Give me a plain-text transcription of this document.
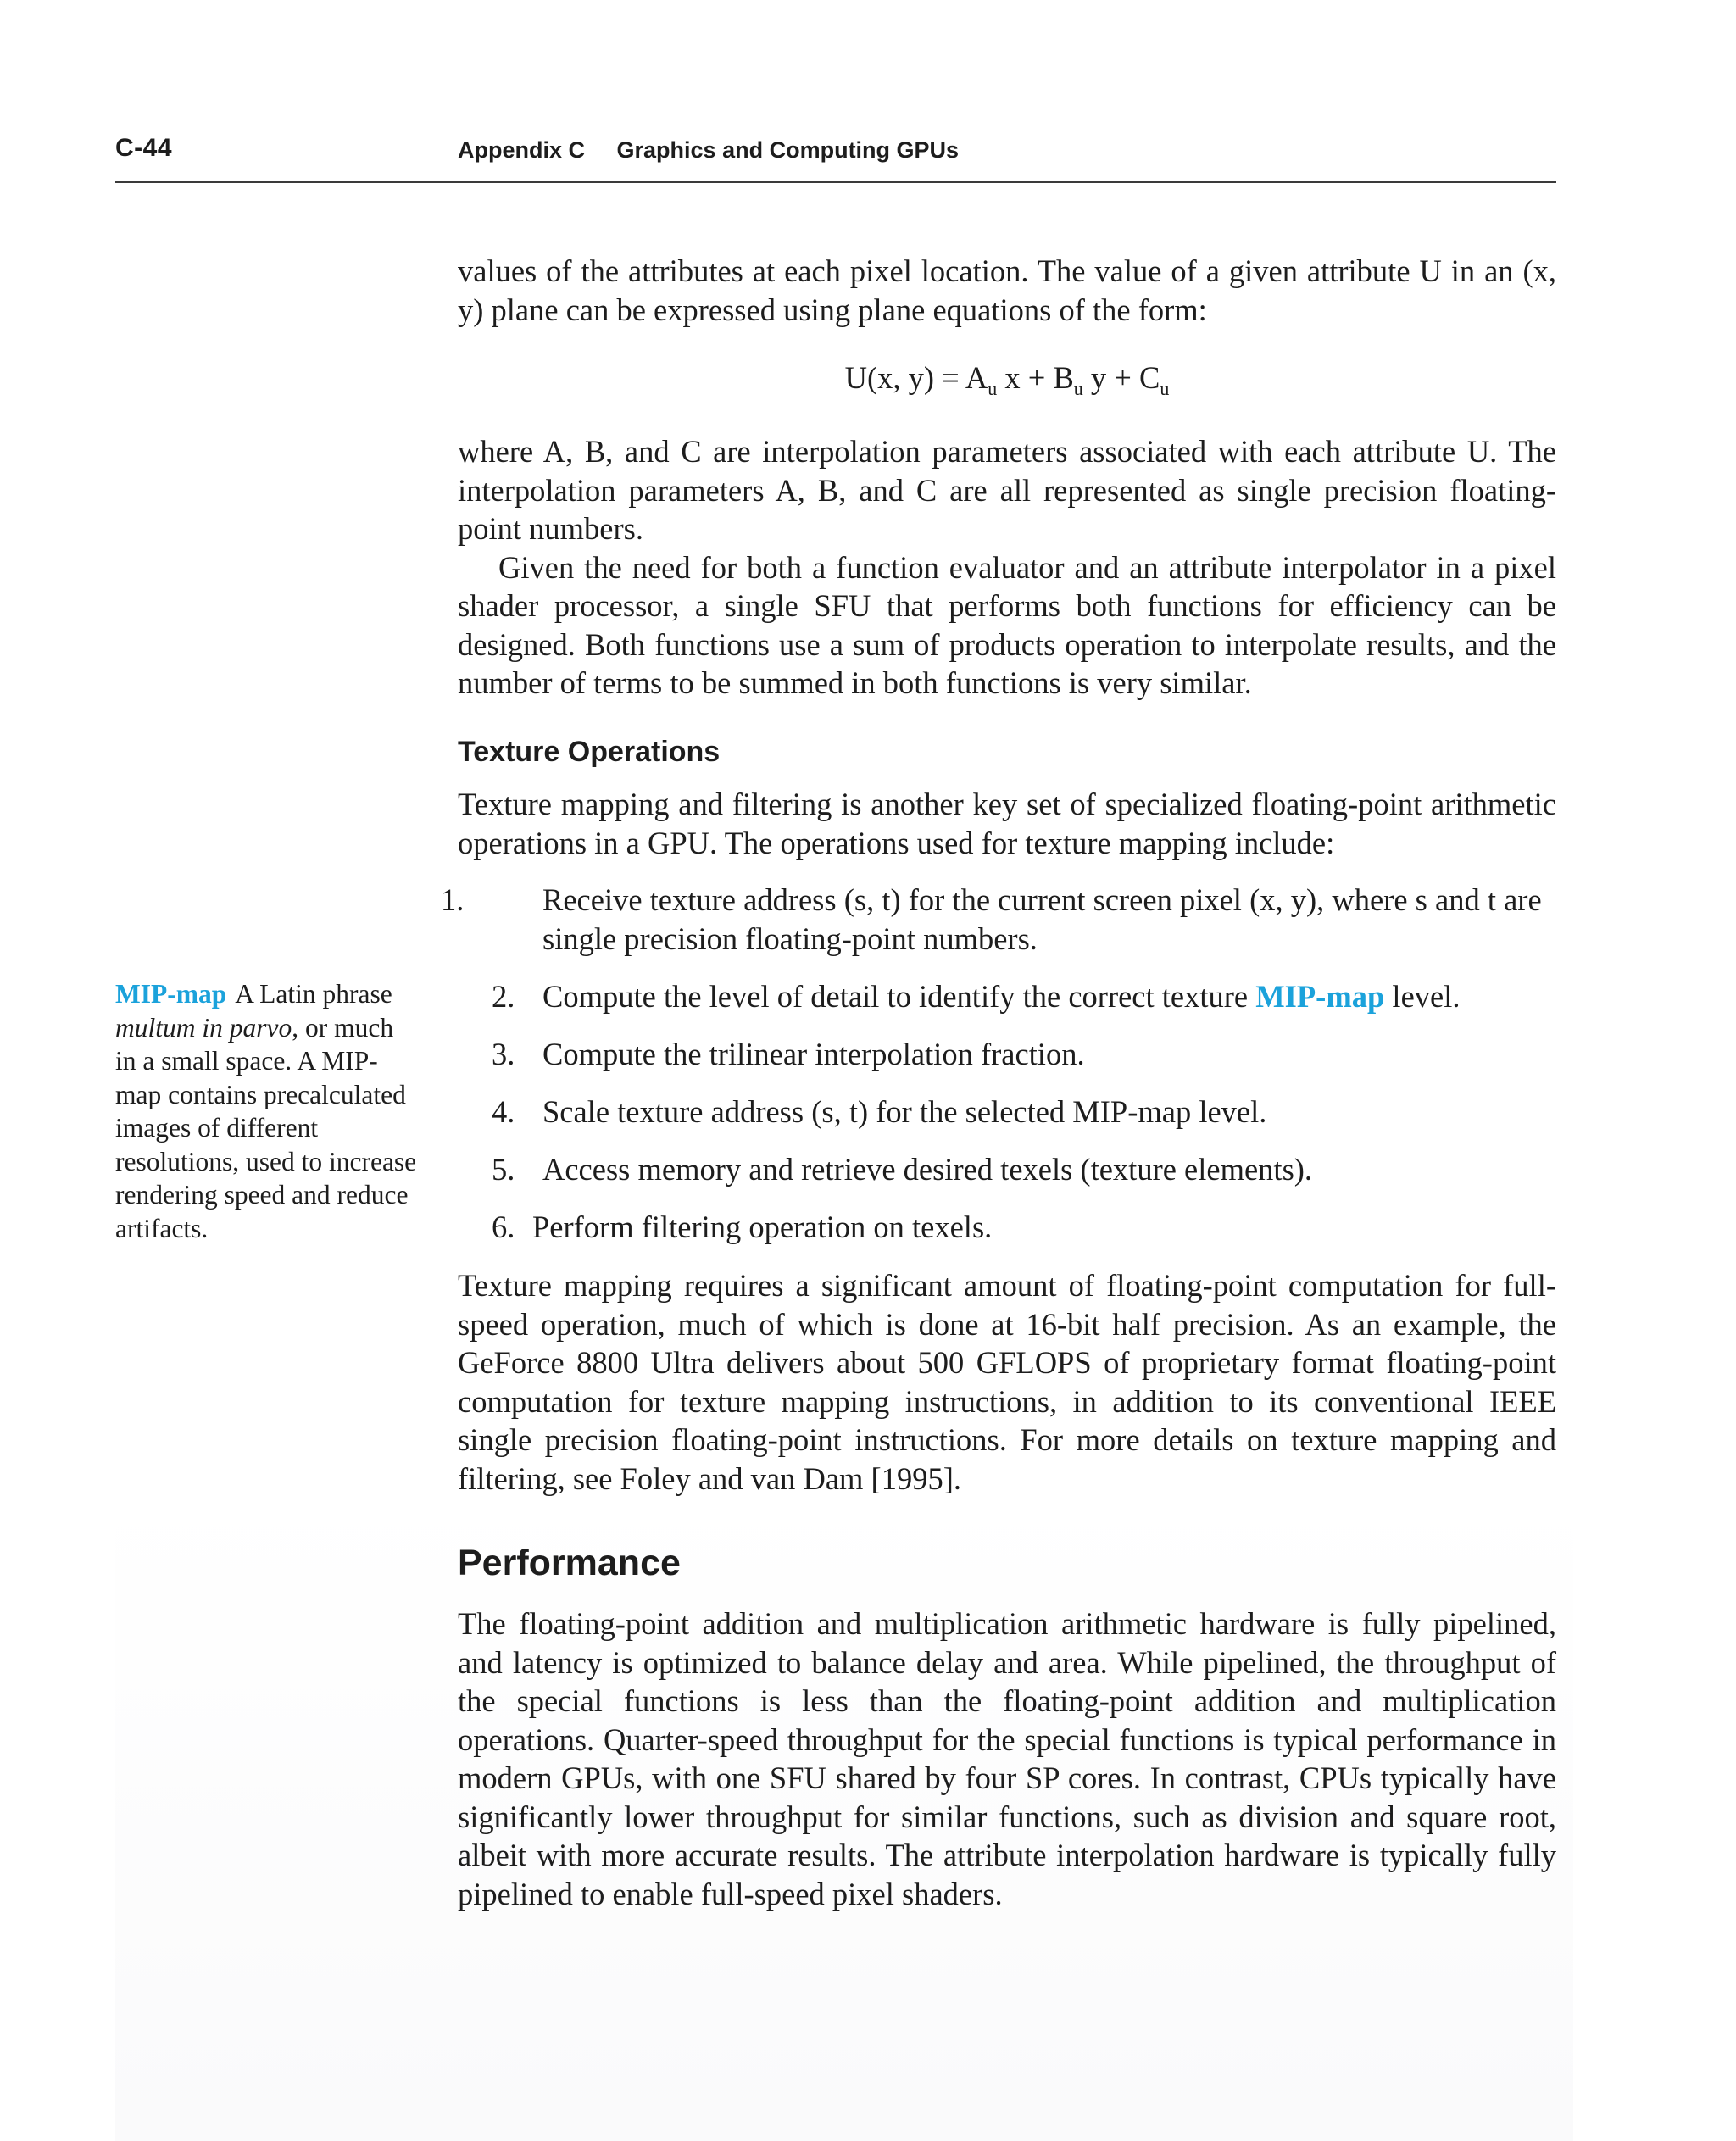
C-44	Appendix C Graphics and Computing GPUs

values of the attributes at each pixel location. The value of a given attribute U in an (x, y) plane can be expressed using plane equations of the form:

U(x, $y) = A_u$ $x + B_u$ $y + C_u$

where A, B, and C are interpolation parameters associated with each attribute U. The interpolation parameters A, B, and C are all represented as single precision floating-point numbers.

Given the need for both a function evaluator and an attribute interpolator in a pixel shader processor, a single SFU that performs both functions for efficiency can be designed. Both functions use a sum of products operation to interpolate results, and the number of terms to be summed in both functions is very similar.

Texture Operations

Texture mapping and filtering is another key set of specialized floating-point arithmetic operations in a GPU. The operations used for texture mapping include:

1.	Receive texture address (s, t) for the current screen pixel (x, y), where s and t are single precision floating-point numbers.
2. Compute the level of detail to identify the correct texture MIP-map level.
3. Compute the trilinear interpolation fraction.
4. Scale texture address (s, t) for the selected MIP-map level.
5. Access memory and retrieve desired texels (texture elements).
6. Perform filtering operation on texels.

Texture mapping requires a significant amount of floating-point computation for full-speed operation, much of which is done at 16-bit half precision. As an example, the GeForce 8800 Ultra delivers about 500 GFLOPS of proprietary format floating-point computation for texture mapping instructions, in addition to its conventional IEEE single precision floating-point instructions. For more details on texture mapping and filtering, see Foley and van Dam [1995].

Performance

The floating-point addition and multiplication arithmetic hardware is fully pipelined, and latency is optimized to balance delay and area. While pipelined, the throughput of the special functions is less than the floating-point addition and multiplication operations. Quarter-speed throughput for the special functions is typical performance in modern GPUs, with one SFU shared by four SP cores. In contrast, CPUs typically have significantly lower throughput for similar functions, such as division and square root, albeit with more accurate results. The attribute interpolation hardware is typically fully pipelined to enable full-speed pixel shaders.

MIP-map A Latin phrase multum in parvo, or much in a small space. A MIP-map contains precalculated images of different resolutions, used to increase rendering speed and reduce artifacts.
